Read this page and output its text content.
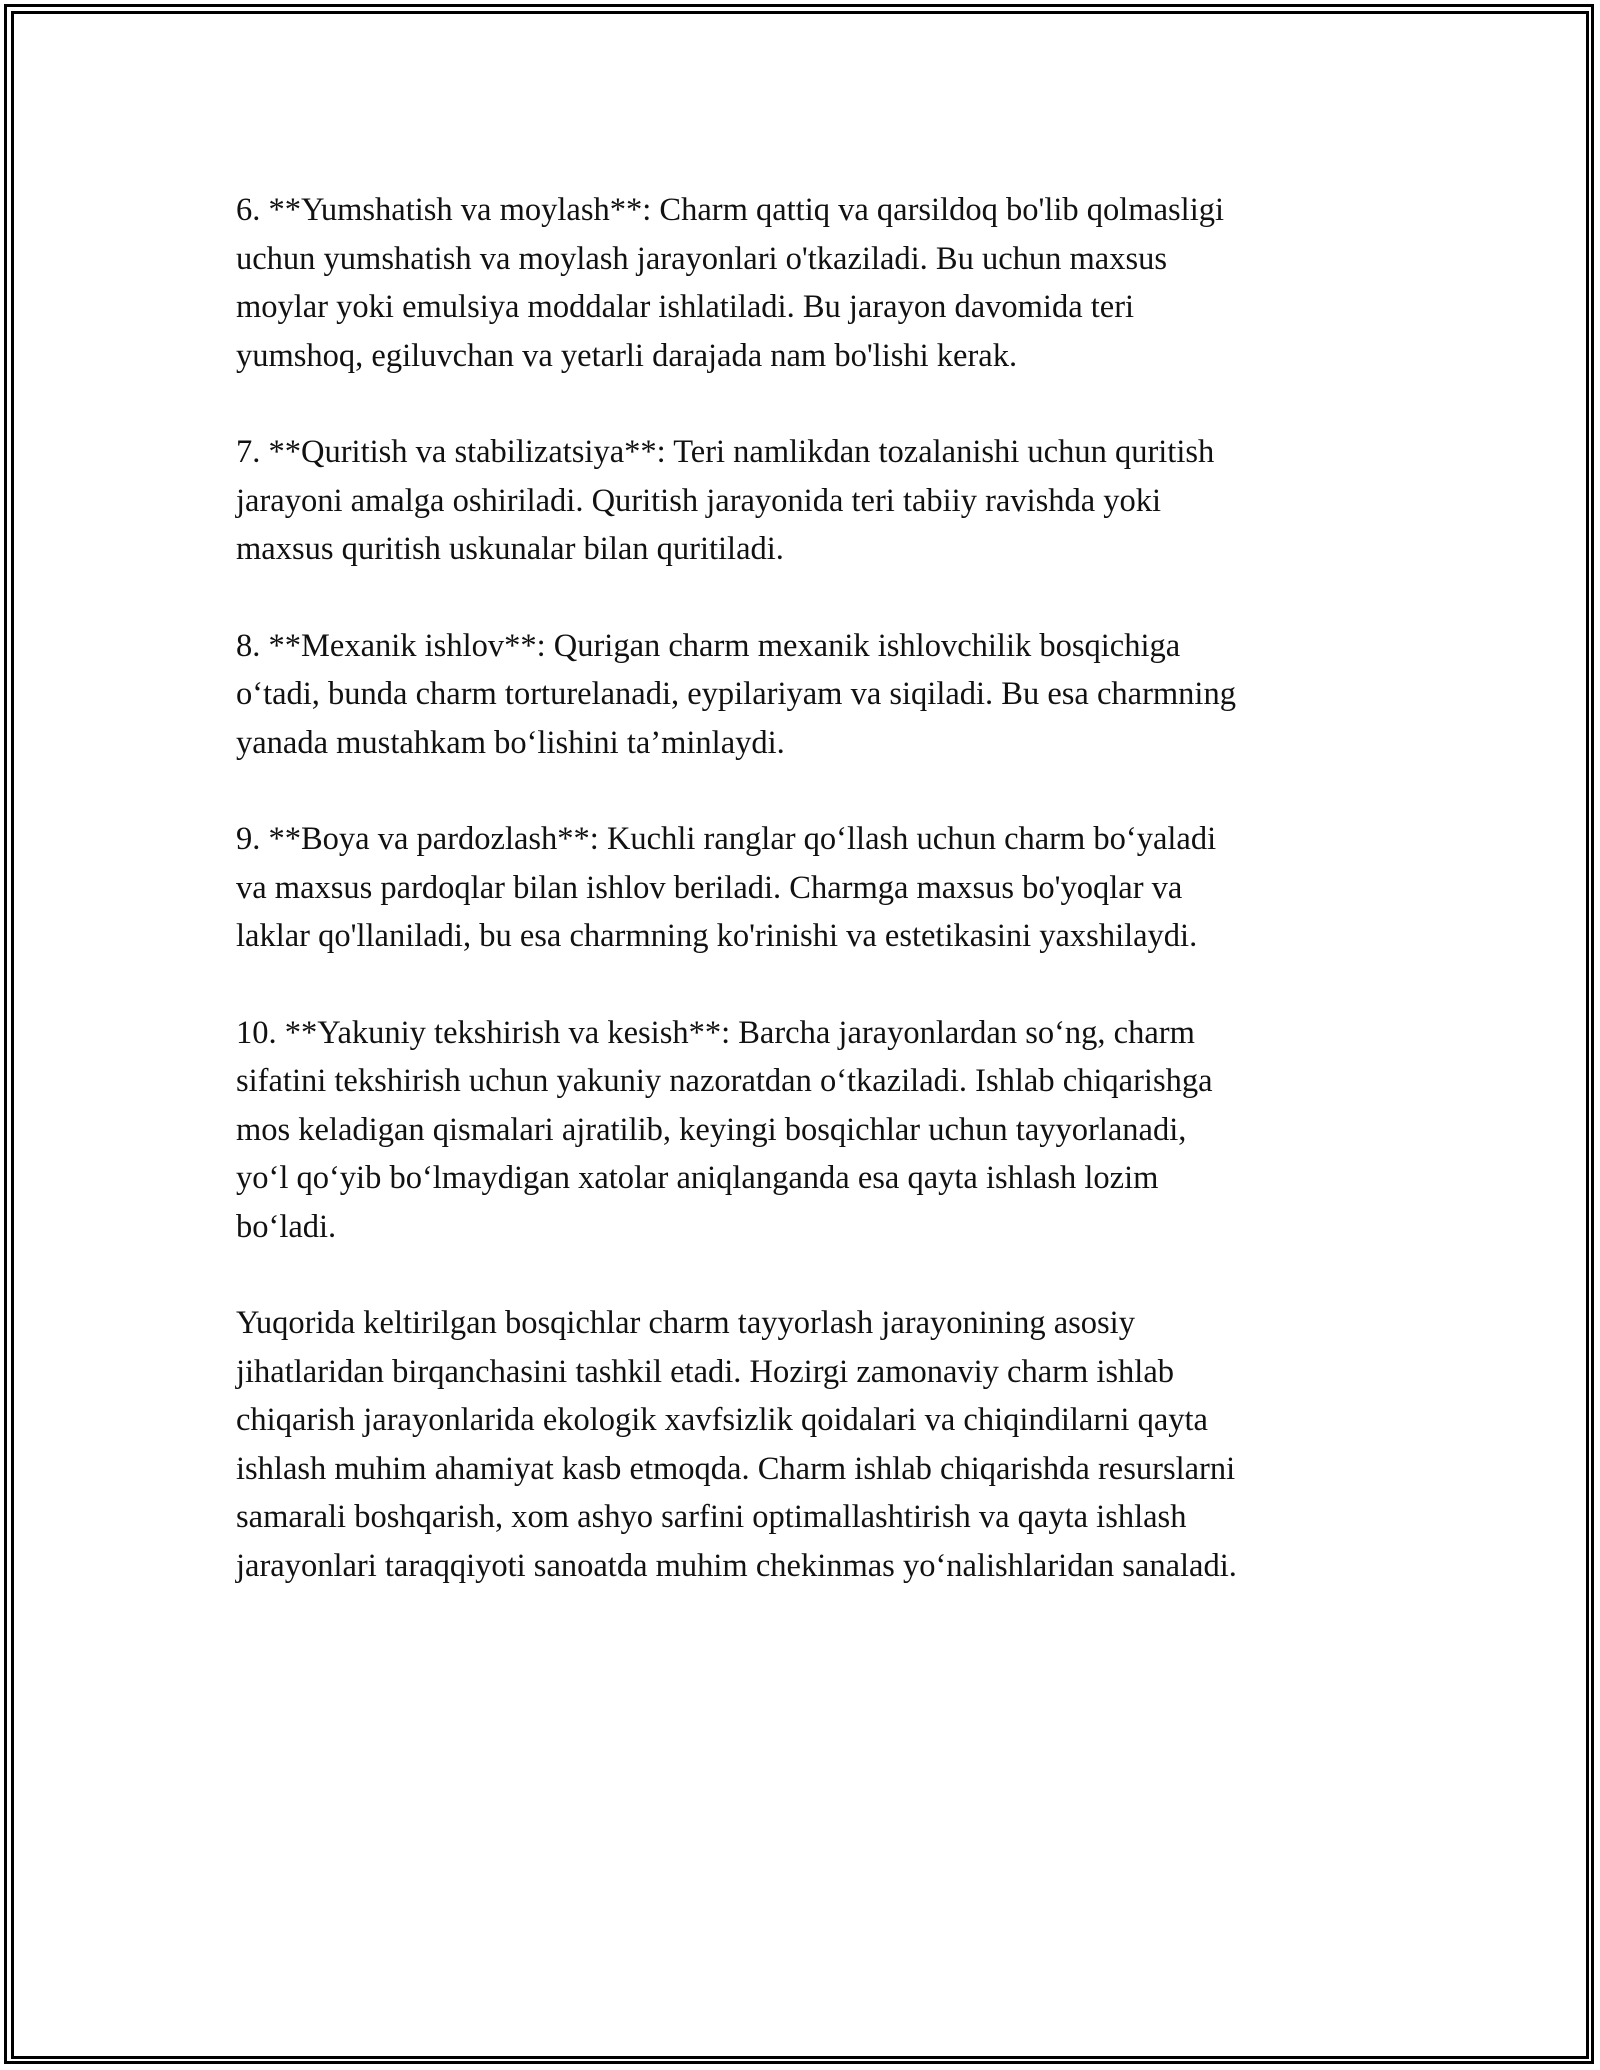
6. **Yumshatish va moylash**: Charm qattiq va qarsildoq bo'lib qolmasligi
uchun yumshatish va moylash jarayonlari o'tkaziladi. Bu uchun maxsus
moylar yoki emulsiya moddalar ishlatiladi. Bu jarayon davomida teri
yumshoq, egiluvchan va yetarli darajada nam bo'lishi kerak.

7. **Quritish va stabilizatsiya**: Teri namlikdan tozalanishi uchun quritish
jarayoni amalga oshiriladi. Quritish jarayonida teri tabiiy ravishda yoki
maxsus quritish uskunalar bilan quritiladi.

8. **Mexanik ishlov**: Qurigan charm mexanik ishlovchilik bosqichiga
o‘tadi, bunda charm torturelanadi, eypilariyam va siqiladi. Bu esa charmning
yanada mustahkam bo‘lishini ta’minlaydi.

9. **Boya va pardozlash**: Kuchli ranglar qo‘llash uchun charm bo‘yaladi
va maxsus pardoqlar bilan ishlov beriladi. Charmga maxsus bo'yoqlar va
laklar qo'llaniladi, bu esa charmning ko'rinishi va estetikasini yaxshilaydi.

10. **Yakuniy tekshirish va kesish**: Barcha jarayonlardan so‘ng, charm
sifatini tekshirish uchun yakuniy nazoratdan o‘tkaziladi. Ishlab chiqarishga
mos keladigan qismalari ajratilib, keyingi bosqichlar uchun tayyorlanadi,
yo‘l qo‘yib bo‘lmaydigan xatolar aniqlanganda esa qayta ishlash lozim
bo‘ladi.

Yuqorida keltirilgan bosqichlar charm tayyorlash jarayonining asosiy
jihatlaridan birqanchasini tashkil etadi. Hozirgi zamonaviy charm ishlab
chiqarish jarayonlarida ekologik xavfsizlik qoidalari va chiqindilarni qayta
ishlash muhim ahamiyat kasb etmoqda. Charm ishlab chiqarishda resurslarni
samarali boshqarish, xom ashyo sarfini optimallashtirish va qayta ishlash
jarayonlari taraqqiyoti sanoatda muhim chekinmas yo‘nalishlaridan sanaladi.
